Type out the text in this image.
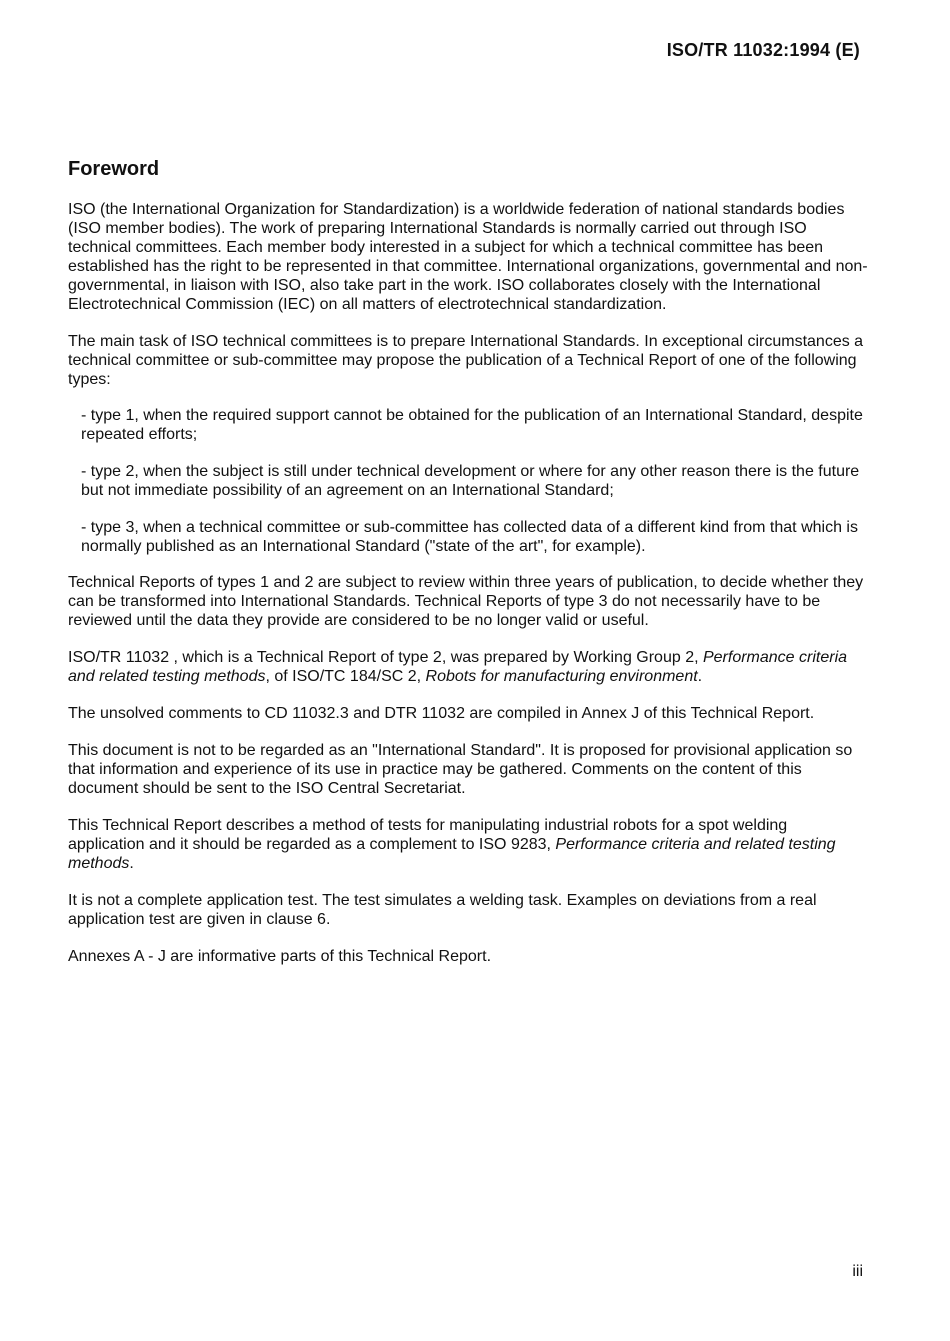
ISO/TR 11032:1994 (E)
Foreword

ISO (the International Organization for Standardization) is a worldwide federation of national standards bodies (ISO member bodies). The work of preparing International Standards is normally carried out through ISO technical committees. Each member body interested in a subject for which a technical committee has been established has the right to be represented in that committee. International organizations, governmental and non-governmental, in liaison with ISO, also take part in the work. ISO collaborates closely with the International Electrotechnical Commission (IEC) on all matters of electrotechnical standardization.

The main task of ISO technical committees is to prepare International Standards. In exceptional circumstances a technical committee or sub-committee may propose the publication of a Technical Report of one of the following types:

- type 1, when the required support cannot be obtained for the publication of an International Standard, despite repeated efforts;
- type 2, when the subject is still under technical development or where for any other reason there is the future but not immediate possibility of an agreement on an International Standard;
- type 3, when a technical committee or sub-committee has collected data of a different kind from that which is normally published as an International Standard ("state of the art", for example).

Technical Reports of types 1 and 2 are subject to review within three years of publication, to decide whether they can be transformed into International Standards. Technical Reports of type 3 do not necessarily have to be reviewed until the data they provide are considered to be no longer valid or useful.

ISO/TR 11032 , which is a Technical Report of type 2, was prepared by Working Group 2, Performance criteria and related testing methods, of ISO/TC 184/SC 2, Robots for manufacturing environment.

The unsolved comments to CD 11032.3 and DTR 11032 are compiled in Annex J of this Technical Report.

This document is not to be regarded as an "International Standard". It is proposed for provisional application so that information and experience of its use in practice may be gathered. Comments on the content of this document should be sent to the ISO Central Secretariat.

This Technical Report describes a method of tests for manipulating industrial robots for a spot welding application and it should be regarded as a complement to ISO 9283, Performance criteria and related testing methods.

It is not a complete application test. The test simulates a welding task. Examples on deviations from a real application test are given in clause 6.

Annexes A - J are informative parts of this Technical Report.

iii
